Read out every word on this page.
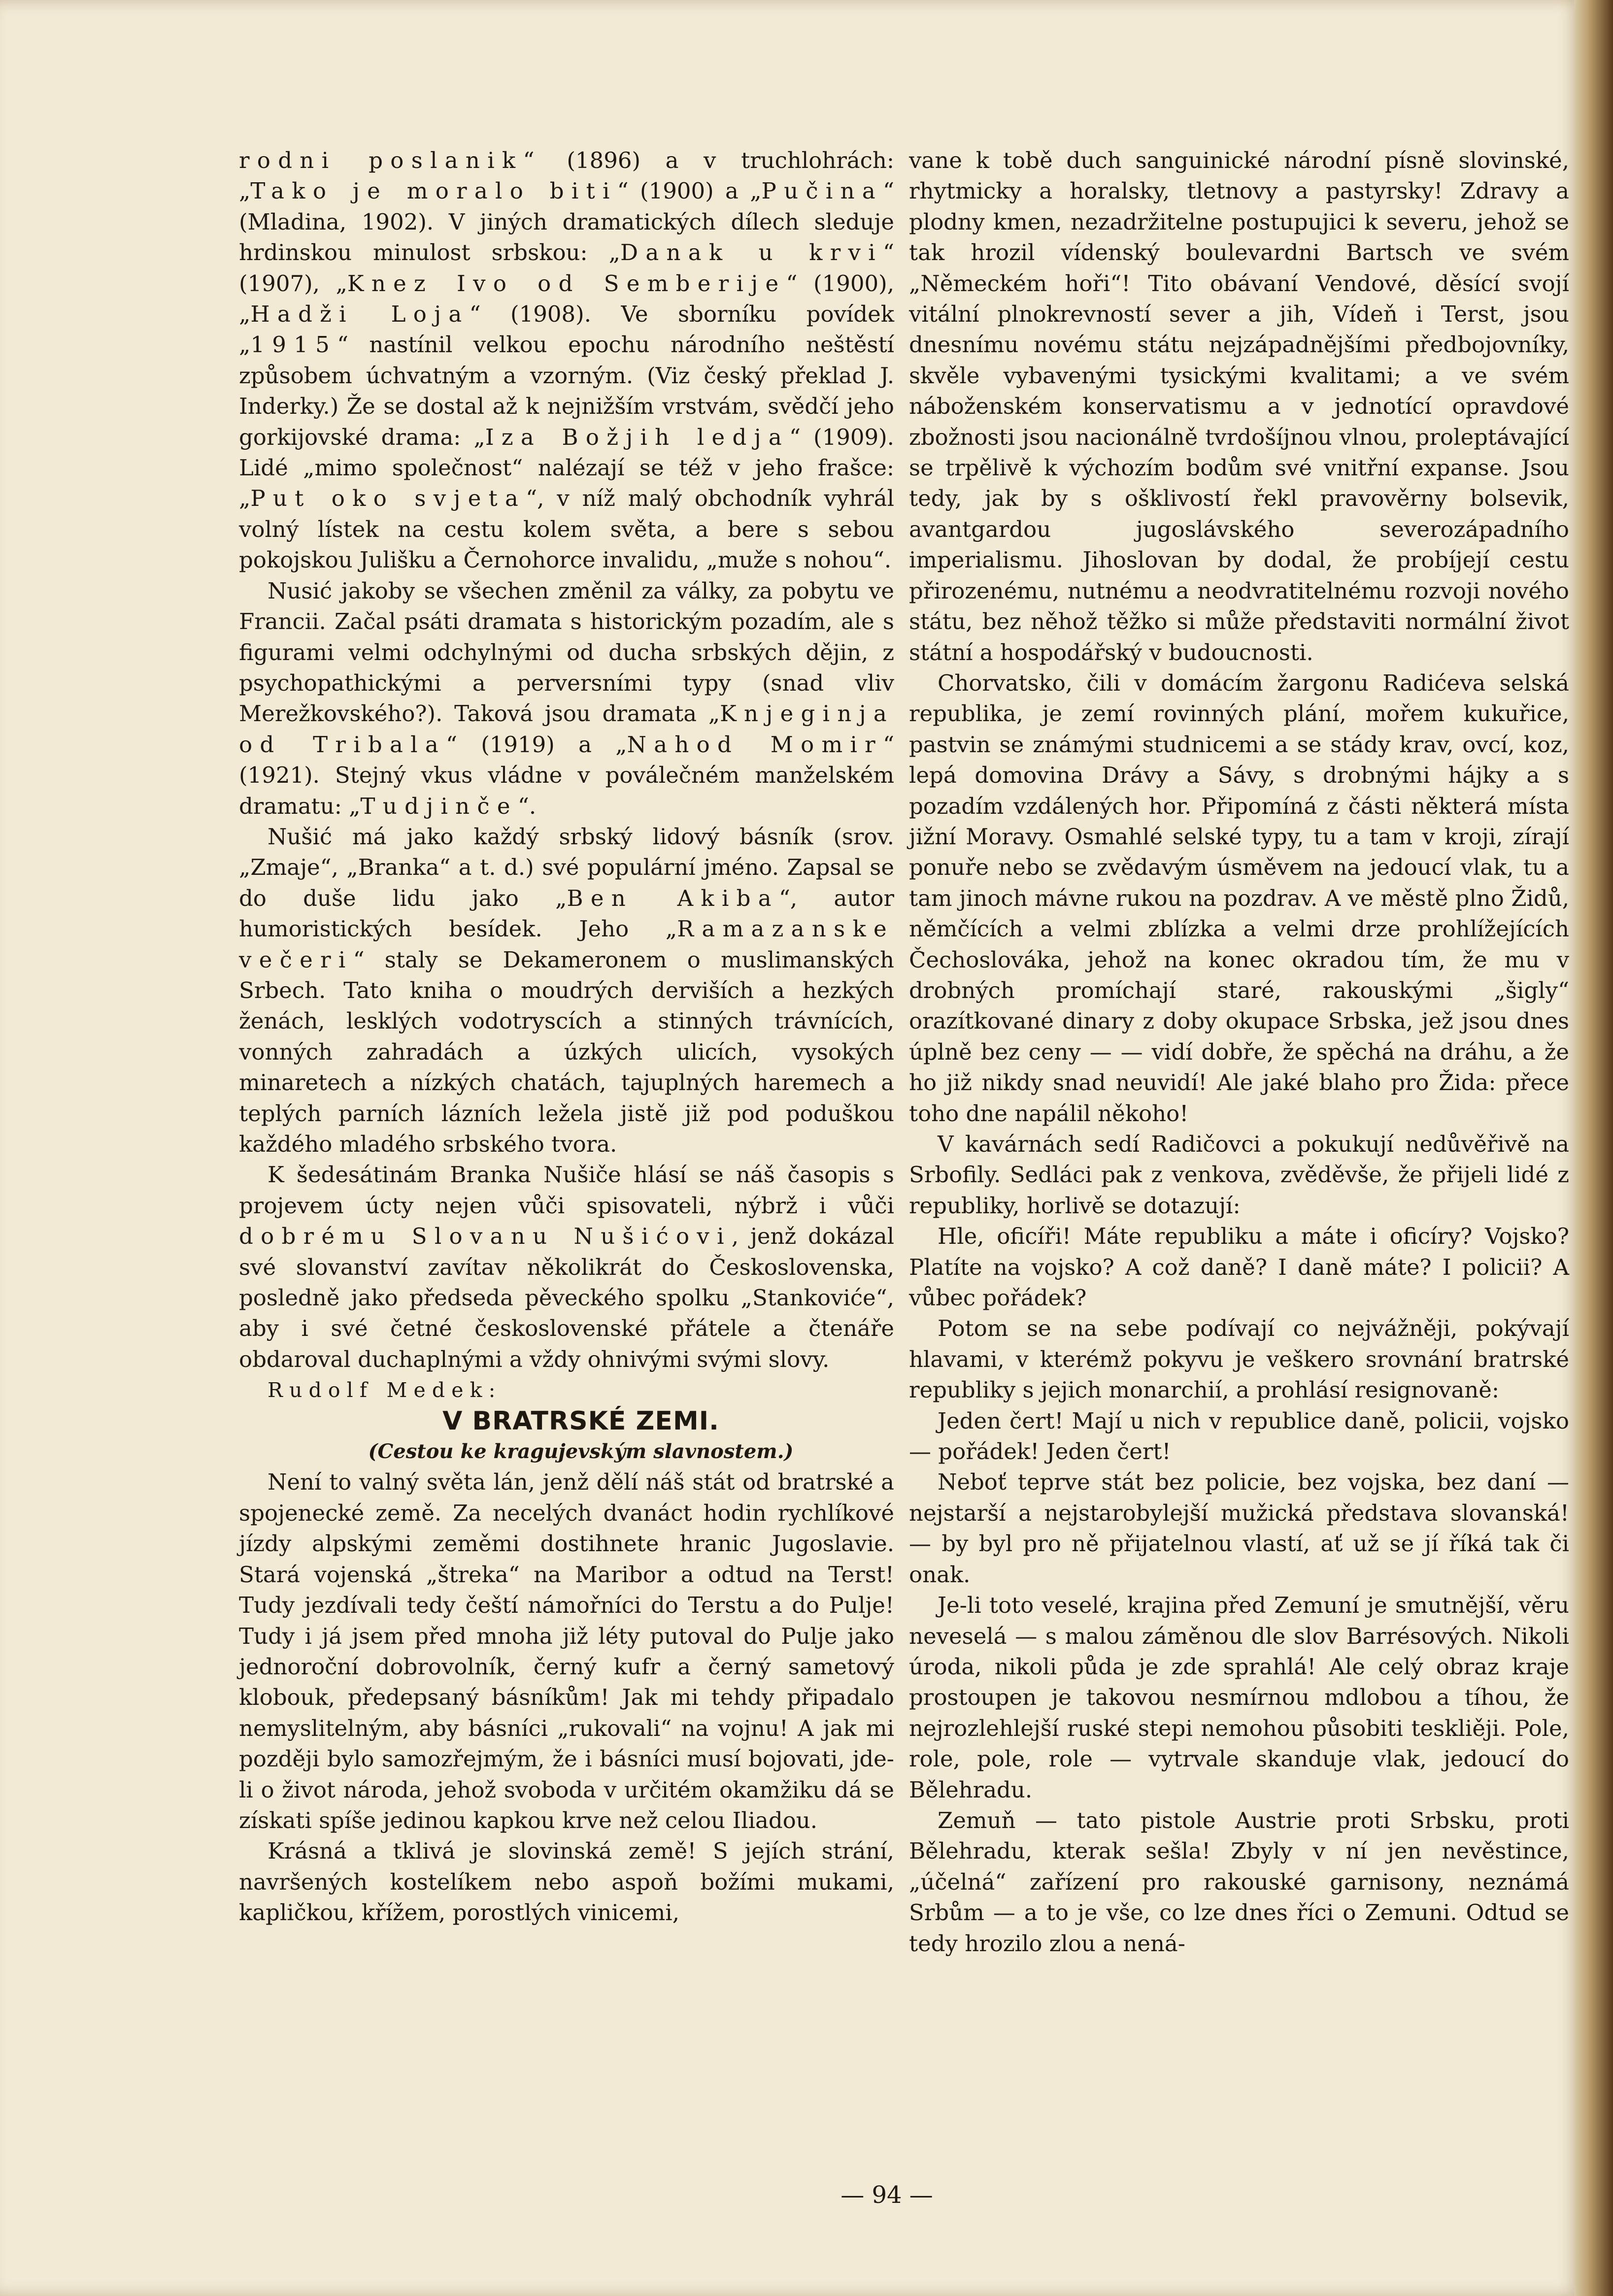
rodni poslanik“ (1896) a v truchlohrách: „Tako je moralo biti“ (1900) a „Pučina“ (Mladina, 1902). V jiných dramatických dílech sleduje hrdinskou minulost srbskou: „Danak u krvi“ (1907), „Knez Ivo od Semberije“ (1900), „Hadži Loja“ (1908). Ve sborníku povídek „1915“ nastínil velkou epochu národního neštěstí způsobem úchvatným a vzorným. (Viz český překlad J. Inderky.) Že se dostal až k nejnižším vrstvám, svědčí jeho gorkijovské drama: „Iza Božjih ledja“ (1909). Lidé „mimo společnost“ nalézají se též v jeho frašce: „Put oko svjeta“, v níž malý obchodník vyhrál volný lístek na cestu kolem světa, a bere s sebou pokojskou Julišku a Černohorce invalidu, „muže s nohou“.

Nusić jakoby se všechen změnil za války, za pobytu ve Francii. Začal psáti dramata s historickým pozadím, ale s figurami velmi odchylnými od ducha srbských dějin, z psychopathickými a perversními typy (snad vliv Merežkovského?). Taková jsou dramata „Knjeginja od Tribala“ (1919) a „Nahod Momir“ (1921). Stejný vkus vládne v poválečném manželském dramatu: „Tudjinče“.

Nušić má jako každý srbský lidový básník (srov. „Zmaje“, „Branka“ a t. d.) své populární jméno. Zapsal se do duše lidu jako „Ben Akiba“, autor humoristických besídek. Jeho „Ramazanske večeri“ staly se Dekameronem o muslimanských Srbech. Tato kniha o moudrých derviších a hezkých ženách, lesklých vodotryscích a stinných trávnících, vonných zahradách a úzkých ulicích, vysokých minaretech a nízkých chatách, tajuplných haremech a teplých parních lázních ležela jistě již pod poduškou každého mladého srbského tvora.

K šedesátinám Branka Nušiče hlásí se náš časopis s projevem úcty nejen vůči spisovateli, nýbrž i vůči dobrému Slovanu Nušićovi, jenž dokázal své slovanství zavítav několikrát do Československa, posledně jako předseda pěveckého spolku „Stankoviće“, aby i své četné československé přátele a čtenáře obdaroval duchaplnými a vždy ohnivými svými slovy.

Rudolf Medek:

V BRATRSKÉ ZEMI.

(Cestou ke kragujevským slavnostem.)

Není to valný světa lán, jenž dělí náš stát od bratrské a spojenecké země. Za necelých dvanáct hodin rychlíkové jízdy alpskými zeměmi dostihnete hranic Jugoslavie. Stará vojenská „štreka“ na Maribor a odtud na Terst! Tudy jezdívali tedy čeští námořníci do Terstu a do Pulje! Tudy i já jsem před mnoha již léty putoval do Pulje jako jednoroční dobrovolník, černý kufr a černý sametový klobouk, předepsaný básníkům! Jak mi tehdy připadalo nemyslitelným, aby básníci „rukovali“ na vojnu! A jak mi později bylo samozřejmým, že i básníci musí bojovati, jde-li o život národa, jehož svoboda v určitém okamžiku dá se získati spíše jedinou kapkou krve než celou Iliadou.

Krásná a tklivá je slovinská země! S jejích strání, navršených kostelíkem nebo aspoň božími mukami, kapličkou, křížem, porostlých vinicemi,

vane k tobě duch sanguinické národní písně slovinské, rhytmicky a horalsky, tletnovy a pastyrsky! Zdravy a plodny kmen, nezadržitelne postupujici k severu, jehož se tak hrozil vídenský boulevardni Bartsch ve svém „Německém hoři“! Tito obávaní Vendové, děsící svojí vitální plnokrevností sever a jih, Vídeň i Terst, jsou dnesnímu novému státu nejzápadnějšími předbojovníky, skvěle vybavenými tysickými kvalitami; a ve svém náboženském konservatismu a v jednotící opravdové zbožnosti jsou nacionálně tvrdošíjnou vlnou, proleptávající se trpělivě k výchozím bodům své vnitřní expanse. Jsou tedy, jak by s ošklivostí řekl pravověrny bolsevik, avantgardou jugoslávského severozápadního imperialismu. Jihoslovan by dodal, že probíjejí cestu přirozenému, nutnému a neodvratitelnému rozvoji nového státu, bez něhož těžko si může představiti normální život státní a hospodářský v budoucnosti.

Chorvatsko, čili v domácím žargonu Radićeva selská republika, je zemí rovinných plání, mořem kukuřice, pastvin se známými studnicemi a se stády krav, ovcí, koz, lepá domovina Drávy a Sávy, s drobnými hájky a s pozadím vzdálených hor. Připomíná z části některá místa jižní Moravy. Osmahlé selské typy, tu a tam v kroji, zírají ponuře nebo se zvědavým úsměvem na jedoucí vlak, tu a tam jinoch mávne rukou na pozdrav. A ve městě plno Židů, němčících a velmi zblízka a velmi drze prohlížejících Čechoslováka, jehož na konec okradou tím, že mu v drobných promíchají staré, rakouskými „šigly“ orazítkované dinary z doby okupace Srbska, jež jsou dnes úplně bez ceny — — vidí dobře, že spěchá na dráhu, a že ho již nikdy snad neuvidí! Ale jaké blaho pro Žida: přece toho dne napálil někoho!

V kavárnách sedí Radičovci a pokukují nedůvěřivě na Srbofily. Sedláci pak z venkova, zvěděvše, že přijeli lidé z republiky, horlivě se dotazují:

Hle, oficíři! Máte republiku a máte i oficíry? Vojsko? Platíte na vojsko? A což daně? I daně máte? I policii? A vůbec pořádek?

Potom se na sebe podívají co nejvážněji, pokývají hlavami, v kterémž pokyvu je veškero srovnání bratrské republiky s jejich monarchií, a prohlásí resignovaně:

Jeden čert! Mají u nich v republice daně, policii, vojsko — pořádek! Jeden čert!

Neboť teprve stát bez policie, bez vojska, bez daní — nejstarší a nejstarobylejší mužická představa slovanská! — by byl pro ně přijatelnou vlastí, ať už se jí říká tak či onak.

Je-li toto veselé, krajina před Zemuní je smutnější, věru neveselá — s malou záměnou dle slov Barrésových. Nikoli úroda, nikoli půda je zde sprahlá! Ale celý obraz kraje prostoupen je takovou nesmírnou mdlobou a tíhou, že nejrozlehlejší ruské stepi nemohou působiti teskliěji. Pole, role, pole, role — vytrvale skanduje vlak, jedoucí do Bělehradu.

Zemuň — tato pistole Austrie proti Srbsku, proti Bělehradu, kterak sešla! Zbyly v ní jen nevěstince, „účelná“ zařízení pro rakouské garnisony, neznámá Srbům — a to je vše, co lze dnes říci o Zemuni. Odtud se tedy hrozilo zlou a nená-

— 94 —
